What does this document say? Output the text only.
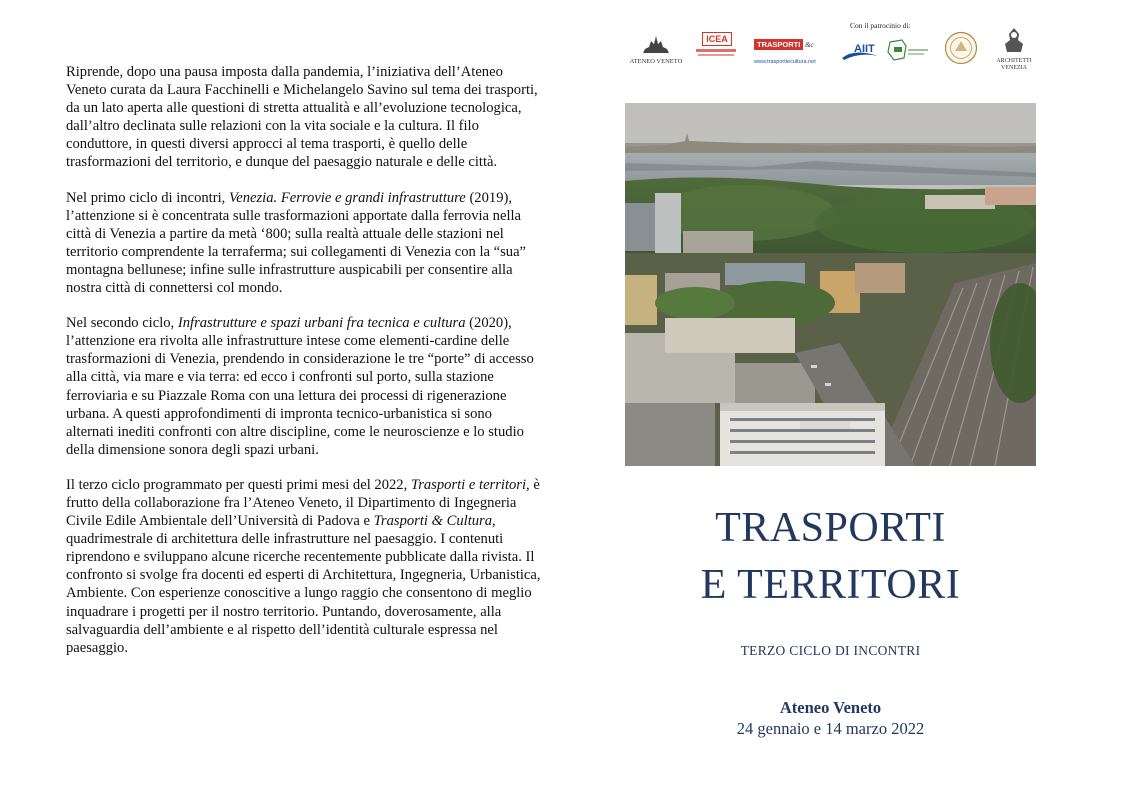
Riprende, dopo una pausa imposta dalla pandemia, l’iniziativa dell’Ateneo Veneto curata da Laura Facchinelli e Michelangelo Savino sul tema dei trasporti, da un lato aperta alle questioni di stretta attualità e all’evoluzione tecnologica, dall’altro declinata sulle relazioni con la vita sociale e la cultura. Il filo conduttore, in questi diversi approcci al tema trasporti, è quello delle trasformazioni del territorio, e dunque del paesaggio naturale e delle città.

Nel primo ciclo di incontri, Venezia. Ferrovie e grandi infrastrutture (2019), l’attenzione si è concentrata sulle trasformazioni apportate dalla ferrovia nella città di Venezia a partire da metà ‘800; sulla realtà attuale delle stazioni nel territorio comprendente la terraferma; sui collegamenti di Venezia con la “sua” montagna bellunese; infine sulle infrastrutture auspicabili per consentire alla nostra città di connettersi col mondo.

Nel secondo ciclo, Infrastrutture e spazi urbani fra tecnica e cultura (2020), l’attenzione era rivolta alle infrastrutture intese come elementi-cardine delle trasformazioni di Venezia, prendendo in considerazione le tre “porte” di accesso alla città, via mare e via terra: ed ecco i confronti sul porto, sulla stazione ferroviaria e su Piazzale Roma con una lettura dei processi di rigenerazione urbana. A questi approfondimenti di impronta tecnico-urbanistica si sono alternati inediti confronti con altre discipline, come le neuroscienze e lo studio della dimensione sonora degli spazi urbani.

Il terzo ciclo programmato per questi primi mesi del 2022, Trasporti e territori, è frutto della collaborazione fra l’Ateneo Veneto, il Dipartimento di Ingegneria Civile Edile Ambientale dell’Università di Padova e Trasporti & Cultura, quadrimestrale di architettura delle infrastrutture nel paesaggio. I contenuti riprendono e sviluppano alcune ricerche recentemente pubblicate dalla rivista. Il confronto si svolge fra docenti ed esperti di Architettura, Ingegneria, Urbanistica, Ambiente. Con esperienze conoscitive a lungo raggio che consentono di meglio inquadrare i progetti per il nostro territorio. Puntando, doverosamente, alla salvaguardia dell’ambiente e al rispetto dell’identità culturale espressa nel paesaggio.

Con il patrocinio di:
ATENEO VENETO
ICEA
TRASPORTI &c
www.trasportiecultura.net
AIIT
ARCHITETTI VENEZIA
TRASPORTI
E TERRITORI
TERZO CICLO DI INCONTRI
Ateneo Veneto
24 gennaio e 14 marzo 2022
